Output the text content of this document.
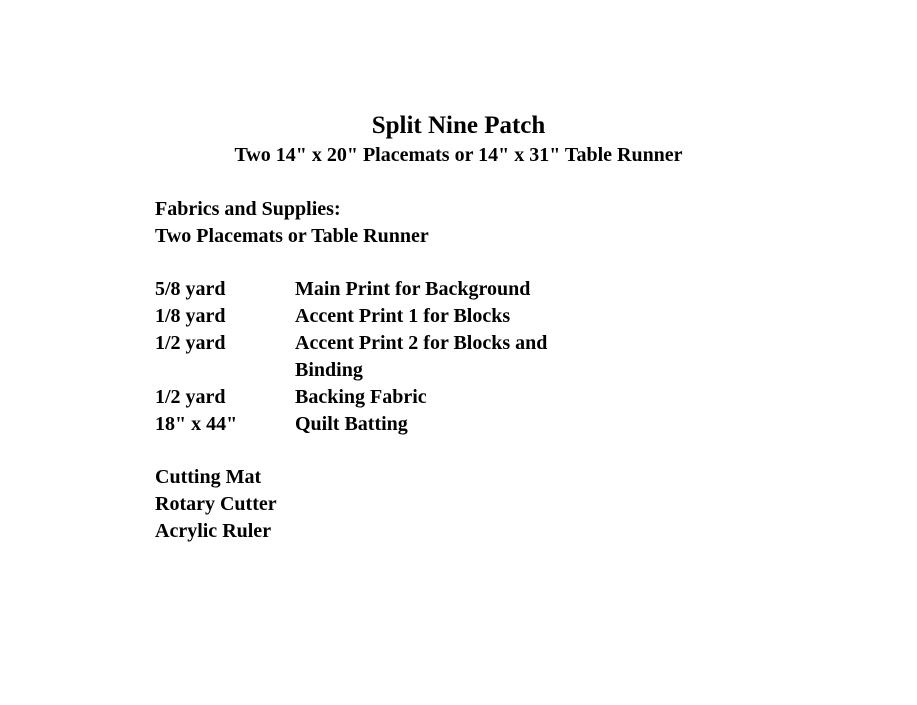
Split Nine Patch

Two 14" x 20" Placemats or 14" x 31" Table Runner

Fabrics and Supplies:
Two Placemats or Table Runner
5/8 yard	Main Print for Background
1/8 yard	Accent Print 1 for Blocks
1/2 yard	Accent Print 2 for Blocks and
Binding
1/2 yard	Backing Fabric
18" x 44"	Quilt Batting
Cutting Mat
Rotary Cutter
Acrylic Ruler
